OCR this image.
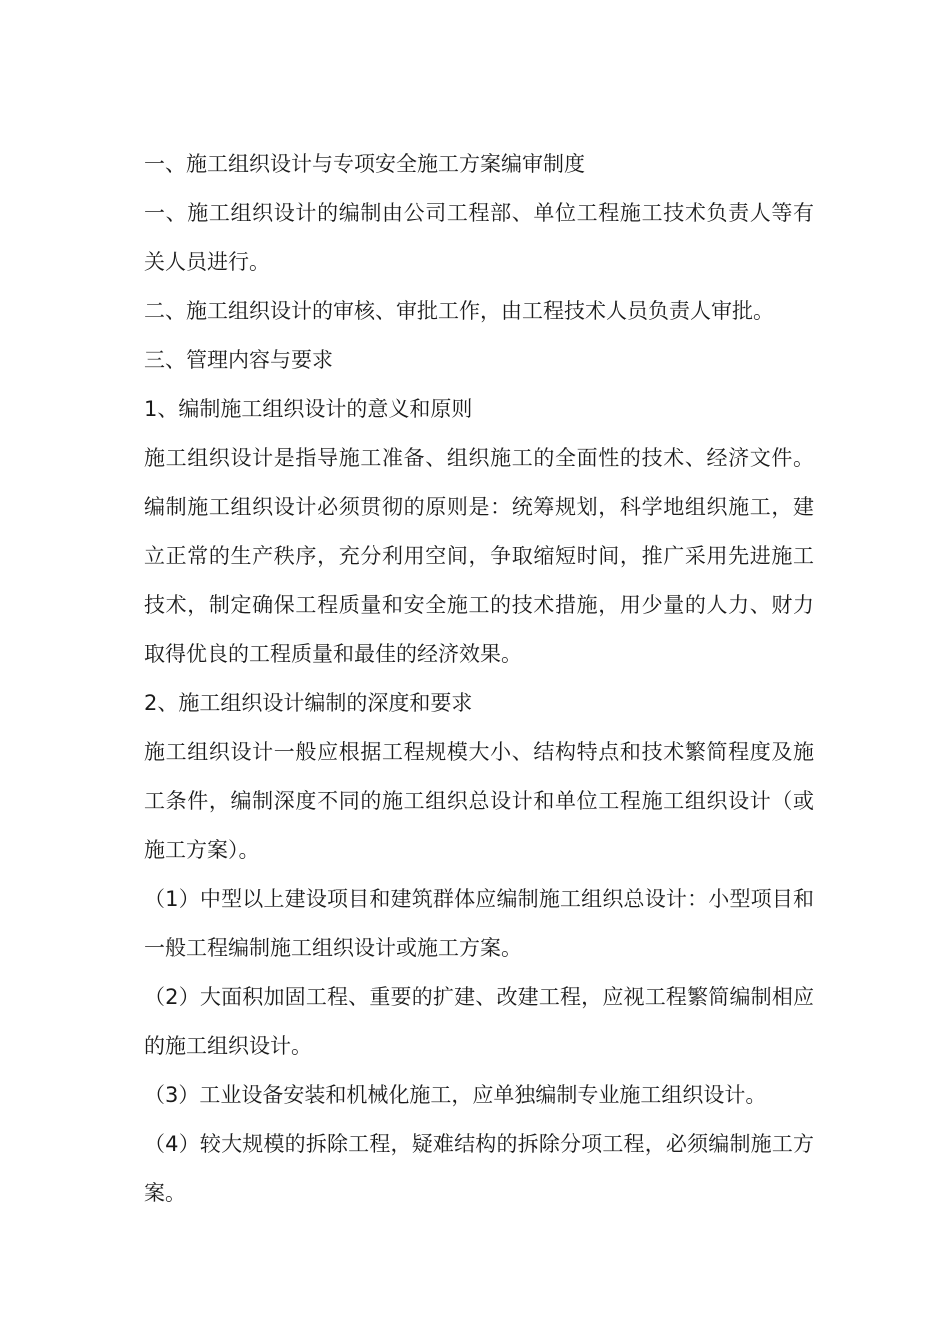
一、施工组织设计与专项安全施工方案编审制度

一、施工组织设计的编制由公司工程部、单位工程施工技术负责人等有关人员进行。

二、施工组织设计的审核、审批工作，由工程技术人员负责人审批。

三、管理内容与要求

1、编制施工组织设计的意义和原则

施工组织设计是指导施工准备、组织施工的全面性的技术、经济文件。编制施工组织设计必须贯彻的原则是：统筹规划，科学地组织施工，建立正常的生产秩序，充分利用空间，争取缩短时间，推广采用先进施工技术，制定确保工程质量和安全施工的技术措施，用少量的人力、财力取得优良的工程质量和最佳的经济效果。

2、施工组织设计编制的深度和要求

施工组织设计一般应根据工程规模大小、结构特点和技术繁简程度及施工条件，编制深度不同的施工组织总设计和单位工程施工组织设计（或施工方案）。

（1）中型以上建设项目和建筑群体应编制施工组织总设计：小型项目和一般工程编制施工组织设计或施工方案。

（2）大面积加固工程、重要的扩建、改建工程，应视工程繁简编制相应的施工组织设计。

（3）工业设备安装和机械化施工，应单独编制专业施工组织设计。

（4）较大规模的拆除工程，疑难结构的拆除分项工程，必须编制施工方案。
